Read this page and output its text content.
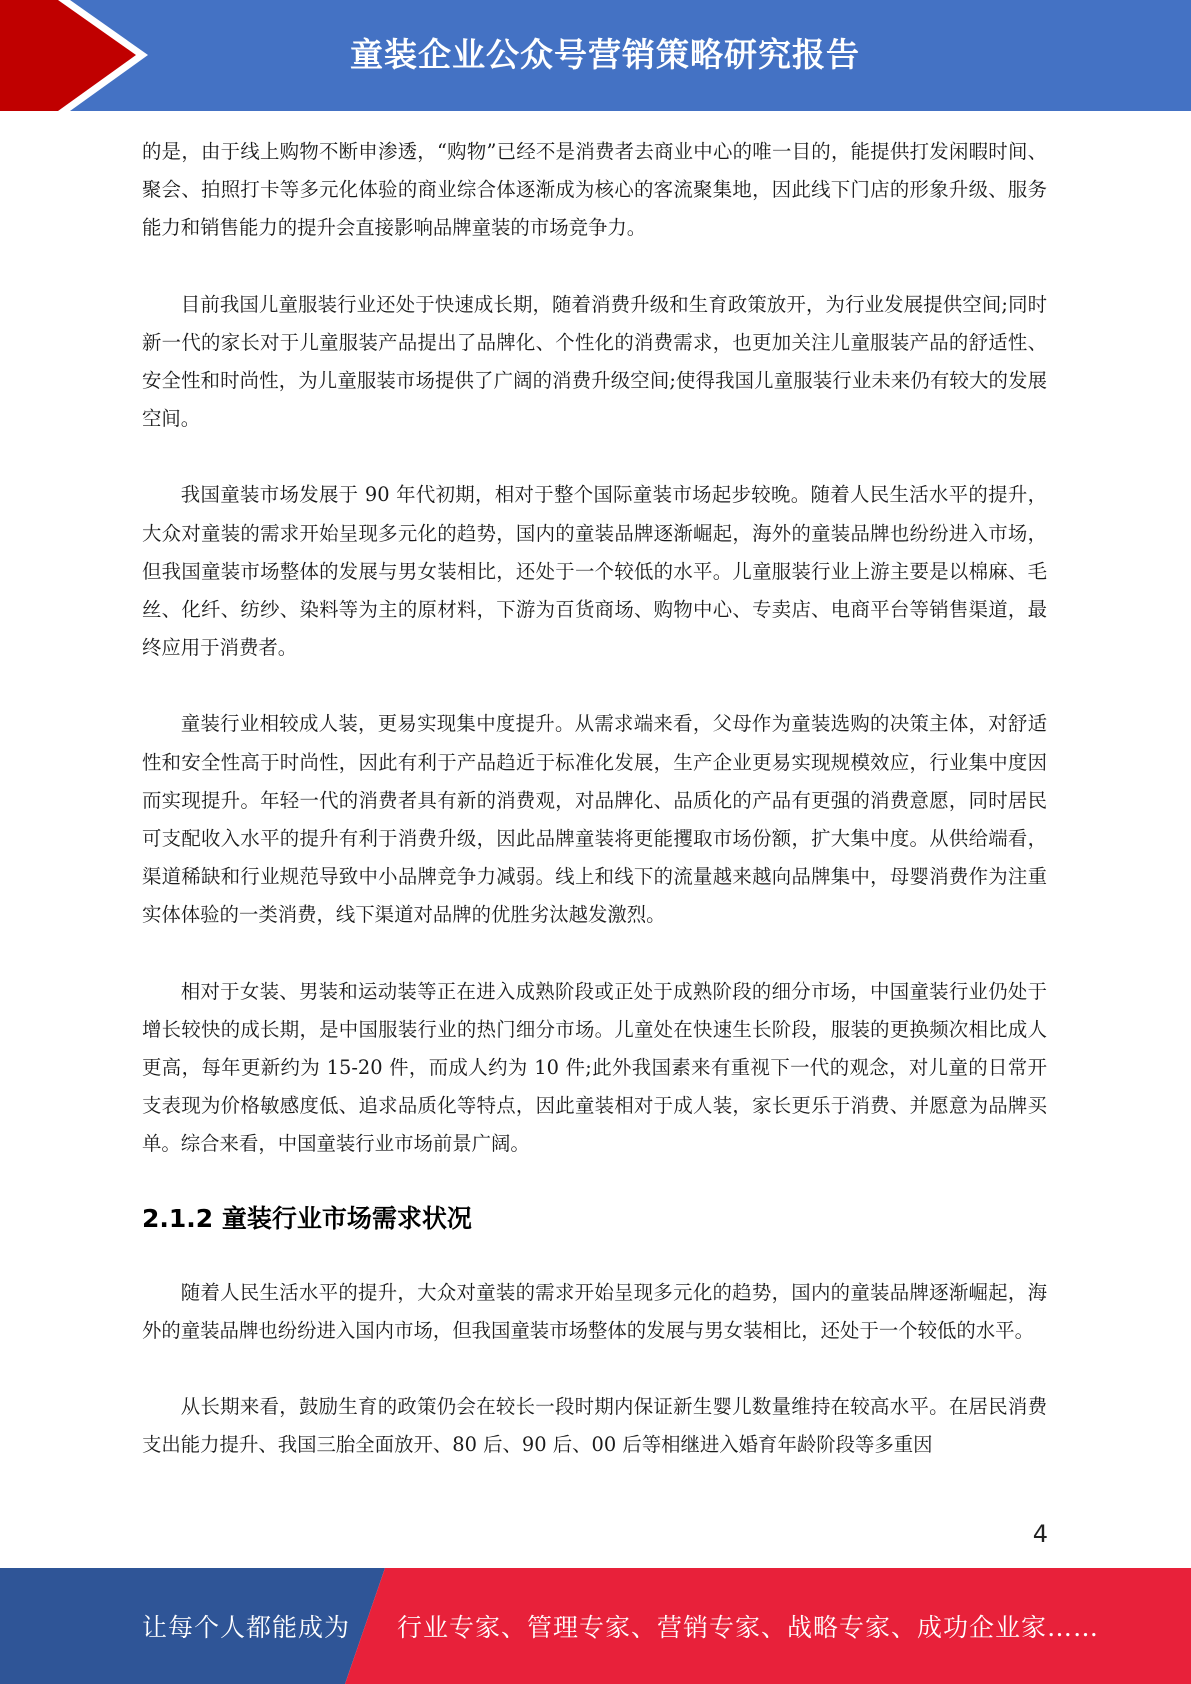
童装企业公众号营销策略研究报告

的是，由于线上购物不断申渗透，“购物”已经不是消费者去商业中心的唯一目的，能提供打发闲暇时间、聚会、拍照打卡等多元化体验的商业综合体逐渐成为核心的客流聚集地，因此线下门店的形象升级、服务能力和销售能力的提升会直接影响品牌童装的市场竞争力。

目前我国儿童服装行业还处于快速成长期，随着消费升级和生育政策放开，为行业发展提供空间;同时新一代的家长对于儿童服装产品提出了品牌化、个性化的消费需求，也更加关注儿童服装产品的舒适性、安全性和时尚性，为儿童服装市场提供了广阔的消费升级空间;使得我国儿童服装行业未来仍有较大的发展空间。

我国童装市场发展于 90 年代初期，相对于整个国际童装市场起步较晚。随着人民生活水平的提升，大众对童装的需求开始呈现多元化的趋势，国内的童装品牌逐渐崛起，海外的童装品牌也纷纷进入市场，但我国童装市场整体的发展与男女装相比，还处于一个较低的水平。儿童服装行业上游主要是以棉麻、毛丝、化纤、纺纱、染料等为主的原材料，下游为百货商场、购物中心、专卖店、电商平台等销售渠道，最终应用于消费者。

童装行业相较成人装，更易实现集中度提升。从需求端来看，父母作为童装选购的决策主体，对舒适性和安全性高于时尚性，因此有利于产品趋近于标准化发展，生产企业更易实现规模效应，行业集中度因而实现提升。年轻一代的消费者具有新的消费观，对品牌化、品质化的产品有更强的消费意愿，同时居民可支配收入水平的提升有利于消费升级，因此品牌童装将更能攫取市场份额，扩大集中度。从供给端看，渠道稀缺和行业规范导致中小品牌竞争力减弱。线上和线下的流量越来越向品牌集中，母婴消费作为注重实体体验的一类消费，线下渠道对品牌的优胜劣汰越发激烈。

相对于女装、男装和运动装等正在进入成熟阶段或正处于成熟阶段的细分市场，中国童装行业仍处于增长较快的成长期，是中国服装行业的热门细分市场。儿童处在快速生长阶段，服装的更换频次相比成人更高，每年更新约为 15-20 件，而成人约为 10 件;此外我国素来有重视下一代的观念，对儿童的日常开支表现为价格敏感度低、追求品质化等特点，因此童装相对于成人装，家长更乐于消费、并愿意为品牌买单。综合来看，中国童装行业市场前景广阔。

2.1.2 童装行业市场需求状况

随着人民生活水平的提升，大众对童装的需求开始呈现多元化的趋势，国内的童装品牌逐渐崛起，海外的童装品牌也纷纷进入国内市场，但我国童装市场整体的发展与男女装相比，还处于一个较低的水平。

从长期来看，鼓励生育的政策仍会在较长一段时期内保证新生婴儿数量维持在较高水平。在居民消费支出能力提升、我国三胎全面放开、80 后、90 后、00 后等相继进入婚育年龄阶段等多重因

4
让每个人都能成为 行业专家、管理专家、营销专家、战略专家、成功企业家……
